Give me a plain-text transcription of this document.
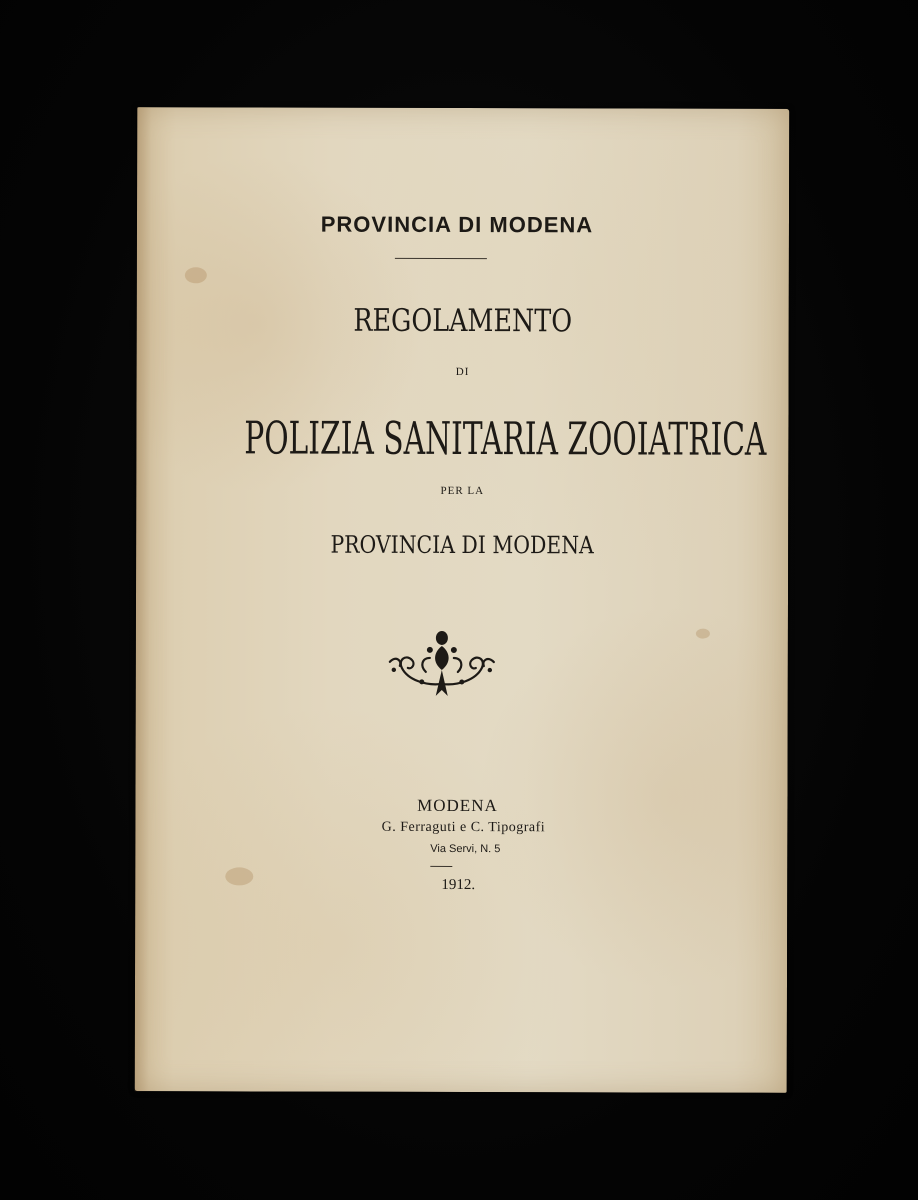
PROVINCIA DI MODENA
REGOLAMENTO
DI
POLIZIA SANITARIA ZOOIATRICA
PER LA
PROVINCIA DI MODENA
MODENA
G. Ferraguti e C. Tipografi
Via Servi, N. 5
1912.
